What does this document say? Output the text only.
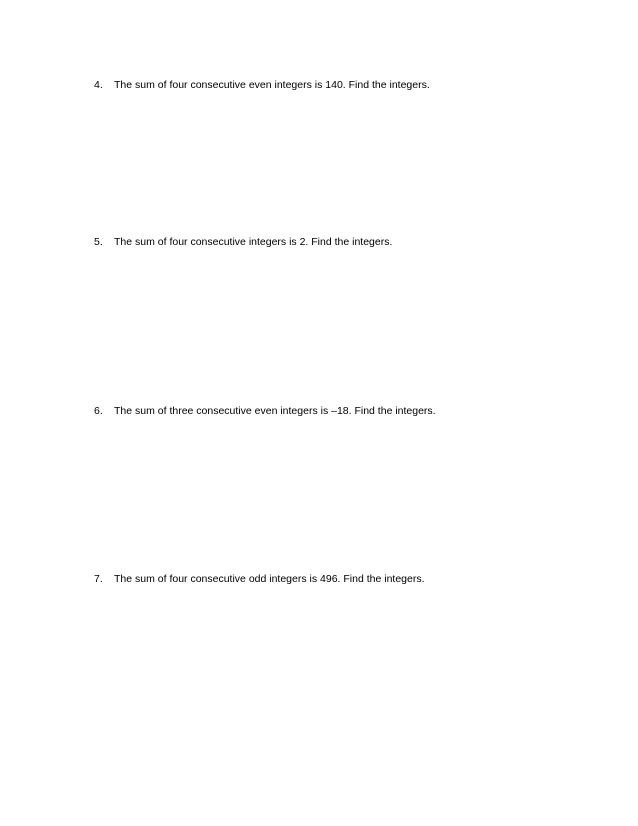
4. The sum of four consecutive even integers is 140. Find the integers.
5. The sum of four consecutive integers is 2. Find the integers.
6. The sum of three consecutive even integers is –18. Find the integers.
7. The sum of four consecutive odd integers is 496. Find the integers.
